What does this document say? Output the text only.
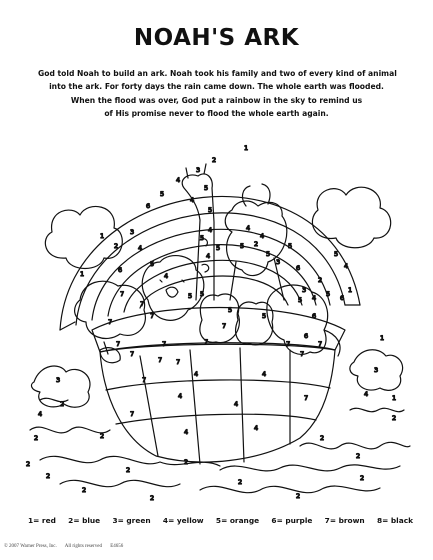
NOAH'S ARK
God told Noah to build an ark. Noah took his family and two of every kind of animal
into the ark. For forty days the rain came down. The whole earth was flooded.
When the flood was over, God put a rainbow in the sky to remind us
of His promise never to flood the whole earth again.
1
2
3
4
5
6
1
2
3
4
5
6
1
3
5
6
5
4
2
1
6
5
4
3
2
5
4
5
5
4
5
4
4
4
5
5
4
7
7
5 5
7
5
7
5
5
7
6
6
7
7
7
7
7	7
7
7
4	4
4
4
4	4
7
7
7
7
2
2
2
2
2
2
2
2
2
2
2
2
2
2
2
3
3
4
1
4	1
1= red 2= blue 3= green 4= yellow 5= orange 6= purple 7= brown 8= black
© 2007 Warner Press, Inc. All rights reserved E4656
